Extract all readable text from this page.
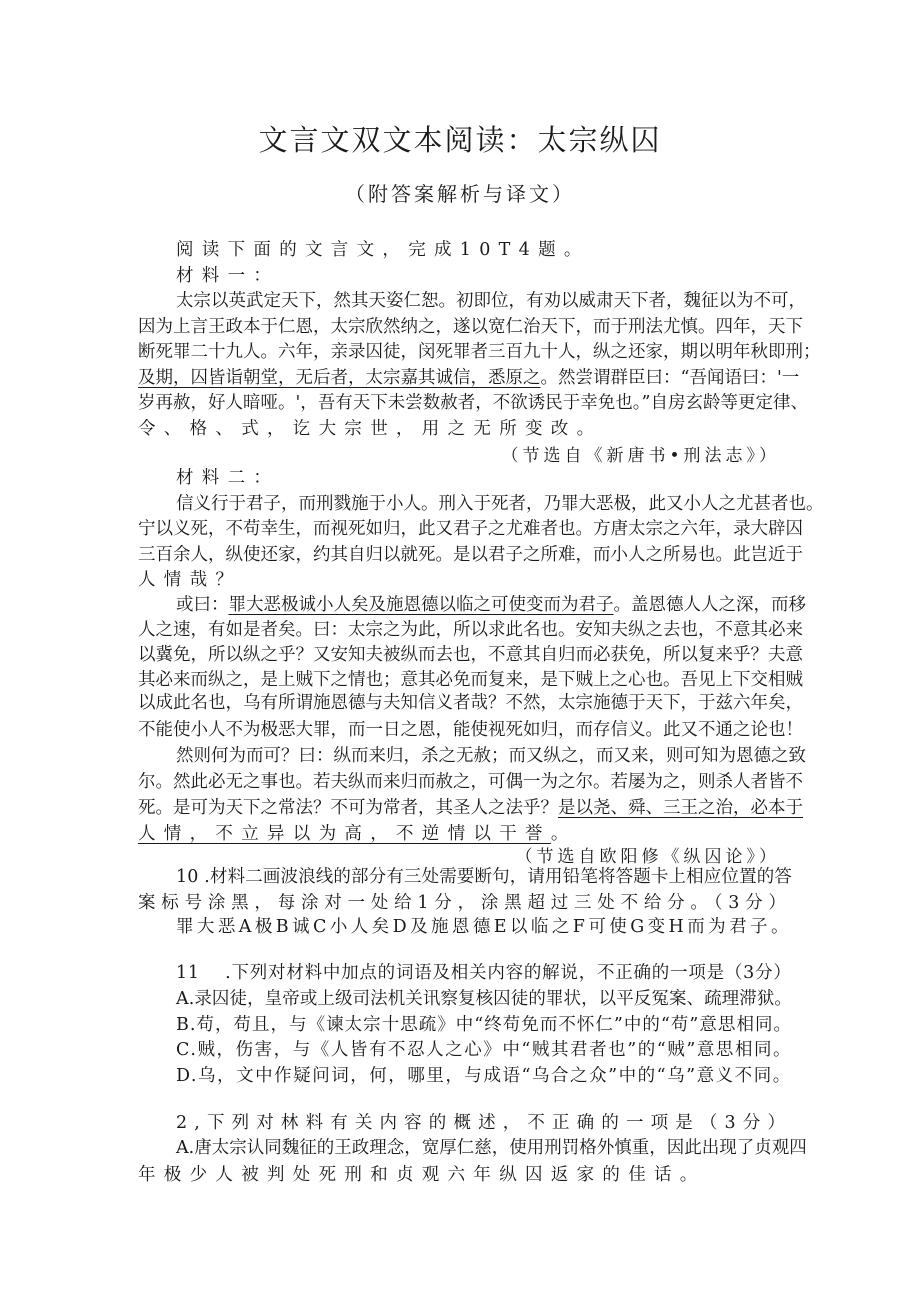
文言文双文本阅读：太宗纵囚
（附答案解析与译文）
阅读下面的文言文，完成10T4题。
材料一：
太宗以英武定天下，然其天姿仁恕。初即位，有劝以威肃天下者，魏征以为不可，
因为上言王政本于仁恩，太宗欣然纳之，遂以宽仁治天下，而于刑法尤慎。四年，天下
断死罪二十九人。六年，亲录囚徒，闵死罪者三百九十人，纵之还家，期以明年秋即刑；
及期，囚皆诣朝堂，无后者，太宗嘉其诚信，悉原之。然尝谓群臣曰：“吾闻语曰：'一
岁再赦，好人暗哑。'，吾有天下未尝数赦者，不欲诱民于幸免也。”自房玄龄等更定律、
令、格、式，讫大宗世，用之无所变改。
（节选自《新唐书•刑法志》）
材料二：
信义行于君子，而刑戮施于小人。刑入于死者，乃罪大恶极，此又小人之尤甚者也。
宁以义死，不苟幸生，而视死如归，此又君子之尤难者也。方唐太宗之六年，录大辟囚
三百余人，纵使还家，约其自归以就死。是以君子之所难，而小人之所易也。此岂近于
人情哉？
或曰：罪大恶极诚小人矣及施恩德以临之可使变而为君子。盖恩德人人之深，而移
人之速，有如是者矣。曰：太宗之为此，所以求此名也。安知夫纵之去也，不意其必来
以冀免，所以纵之乎？又安知夫被纵而去也，不意其自归而必获免，所以复来乎？夫意
其必来而纵之，是上贼下之情也；意其必免而复来，是下贼上之心也。吾见上下交相贼
以成此名也，乌有所谓施恩德与夫知信义者哉？不然，太宗施德于天下，于兹六年矣，
不能使小人不为极恶大罪，而一日之恩，能使视死如归，而存信义。此又不通之论也！
然则何为而可？曰：纵而来归，杀之无赦；而又纵之，而又来，则可知为恩德之致
尔。然此必无之事也。若夫纵而来归而赦之，可偶一为之尔。若屡为之，则杀人者皆不
死。是可为天下之常法？不可为常者，其圣人之法乎？是以尧、舜、三王之治，必本于
人情，不立异以为高，不逆情以干誉。
（节选自欧阳修《纵囚论》）
10 .材料二画波浪线的部分有三处需要断句，请用铅笔将答题卡上相应位置的答
案标号涂黑，每涂对一处给1分，涂黑超过三处不给分。（3分）
罪大恶A极B诚C小人矣D及施恩德E以临之F可使G变H而为君子。
11    .下列对材料中加点的词语及相关内容的解说，不正确的一项是（3分）
A.录囚徒，皇帝或上级司法机关讯察复核囚徒的罪状，以平反冤案、疏理滞狱。
B.苟，苟且，与《谏太宗十思疏》中“终苟免而不怀仁”中的“苟”意思相同。
C.贼，伤害，与《人皆有不忍人之心》中“贼其君者也”的“贼”意思相同。
D.乌，文中作疑问词，何，哪里，与成语“乌合之众”中的“乌”意义不同。
2,下列对林料有关内容的概述，不正确的一项是（3分）
A.唐太宗认同魏征的王政理念，宽厚仁慈，使用刑罚格外慎重，因此出现了贞观四
年极少人被判处死刑和贞观六年纵囚返家的佳话。
